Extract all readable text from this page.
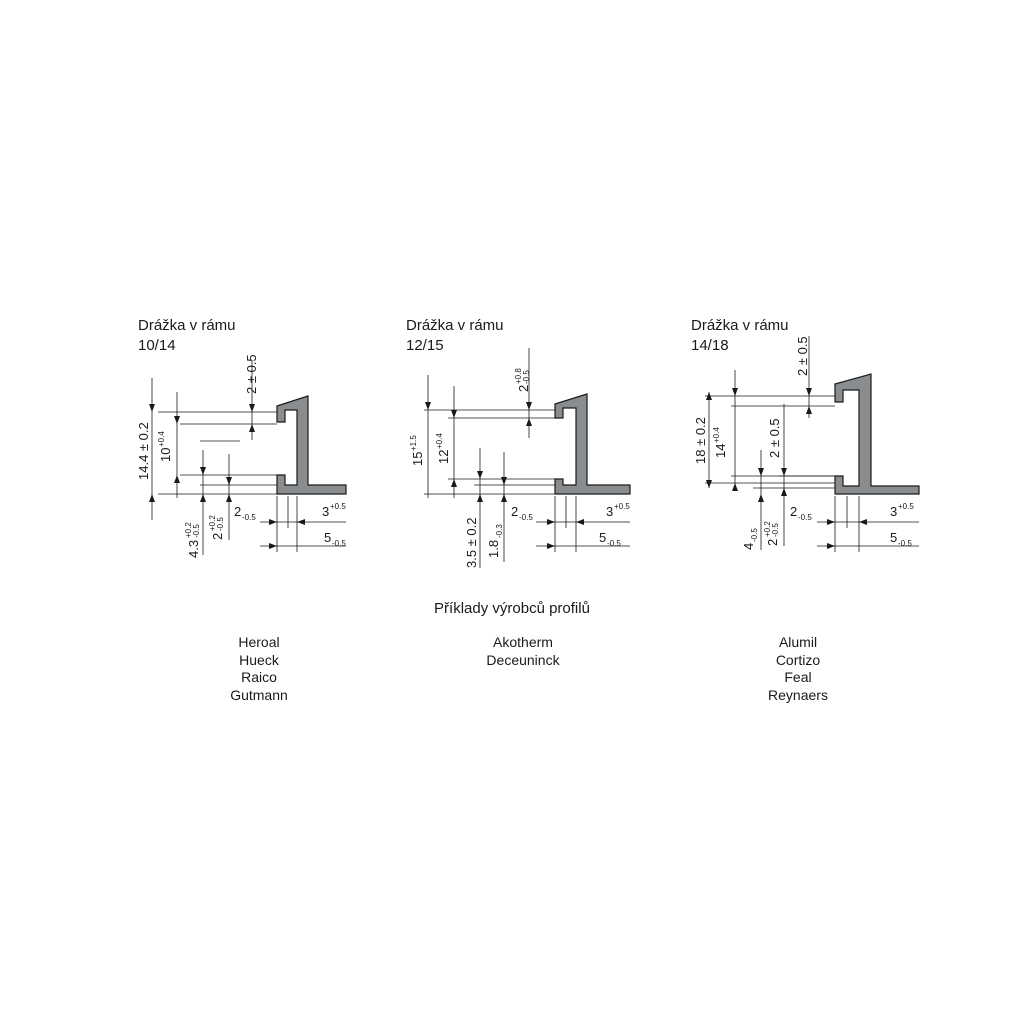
Drážka v rámu
10/14
2 ± 0.5
14.4 ± 0.2 10
+0.4
4.3
+0.2 -0.5 2
+0.2 -0.5
2 -0.5	3 +0.5
5 -0.5
Drážka v rámu
12/15
2
+0.8 -0.5
15
+1.5
12
+0.4
3.5 ± 0.2 1.8
-0.3
2 -0.5	3 +0.5
5 -0.5
Drážka v rámu
14/18	2 ± 0.5
18 ± 0.2 14
+0.4	2 ± 0.5
4
-0.5
2
+0.2 -0.5
2 -0.5	3 +0.5
5 -0.5
Příklady výrobců profilů
Heroal
Hueck
Raico
Gutmann
Akotherm
Deceuninck
Alumil
Cortizo
Feal
Reynaers
